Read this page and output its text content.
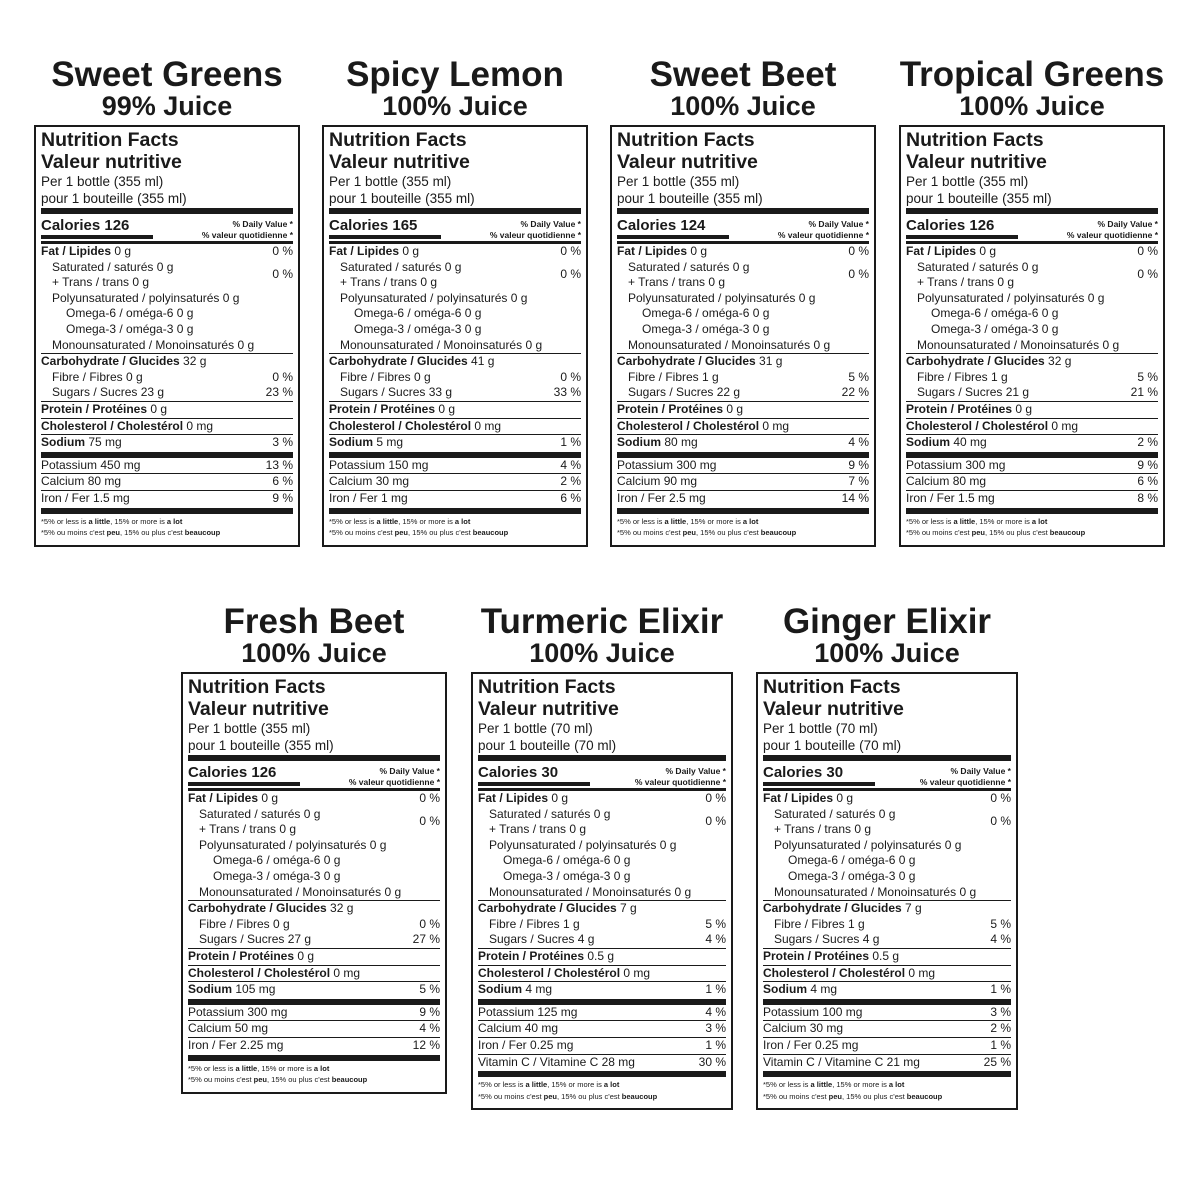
Sweet Greens
99% Juice
Nutrition Facts
Valeur nutritive
Per 1 bottle (355 ml)
pour 1 bouteille (355 ml)
Calories 126	% Daily Value *
% valeur quotidienne *
Fat / Lipides 0 g	0 %
Saturated / saturés 0 g
+ Trans / trans 0 g
0 %
Polyunsaturated / polyinsaturés 0 g
Omega-6 / oméga-6 0 g
Omega-3 / oméga-3 0 g
Monounsaturated / Monoinsaturés 0 g
Carbohydrate / Glucides 32 g
Fibre / Fibres 0 g	0 %
Sugars / Sucres 23 g	23 %
Protein / Protéines 0 g
Cholesterol / Cholestérol 0 mg
Sodium 75 mg	3 %
Potassium 450 mg	13 %
Calcium 80 mg	6 %
Iron / Fer 1.5 mg	9 %
*5% or less is a little, 15% or more is a lot
*5% ou moins c'est peu, 15% ou plus c'est beaucoup
Spicy Lemon
100% Juice
Nutrition Facts
Valeur nutritive
Per 1 bottle (355 ml)
pour 1 bouteille (355 ml)
Calories 165	% Daily Value *
% valeur quotidienne *
Fat / Lipides 0 g	0 %
Saturated / saturés 0 g
+ Trans / trans 0 g
0 %
Polyunsaturated / polyinsaturés 0 g
Omega-6 / oméga-6 0 g
Omega-3 / oméga-3 0 g
Monounsaturated / Monoinsaturés 0 g
Carbohydrate / Glucides 41 g
Fibre / Fibres 0 g	0 %
Sugars / Sucres 33 g	33 %
Protein / Protéines 0 g
Cholesterol / Cholestérol 0 mg
Sodium 5 mg	1 %
Potassium 150 mg	4 %
Calcium 30 mg	2 %
Iron / Fer 1 mg	6 %
*5% or less is a little, 15% or more is a lot
*5% ou moins c'est peu, 15% ou plus c'est beaucoup
Sweet Beet
100% Juice
Nutrition Facts
Valeur nutritive
Per 1 bottle (355 ml)
pour 1 bouteille (355 ml)
Calories 124	% Daily Value *
% valeur quotidienne *
Fat / Lipides 0 g	0 %
Saturated / saturés 0 g
+ Trans / trans 0 g
0 %
Polyunsaturated / polyinsaturés 0 g
Omega-6 / oméga-6 0 g
Omega-3 / oméga-3 0 g
Monounsaturated / Monoinsaturés 0 g
Carbohydrate / Glucides 31 g
Fibre / Fibres 1 g	5 %
Sugars / Sucres 22 g	22 %
Protein / Protéines 0 g
Cholesterol / Cholestérol 0 mg
Sodium 80 mg	4 %
Potassium 300 mg	9 %
Calcium 90 mg	7 %
Iron / Fer 2.5 mg	14 %
*5% or less is a little, 15% or more is a lot
*5% ou moins c'est peu, 15% ou plus c'est beaucoup
Tropical Greens
100% Juice
Nutrition Facts
Valeur nutritive
Per 1 bottle (355 ml)
pour 1 bouteille (355 ml)
Calories 126	% Daily Value *
% valeur quotidienne *
Fat / Lipides 0 g	0 %
Saturated / saturés 0 g
+ Trans / trans 0 g
0 %
Polyunsaturated / polyinsaturés 0 g
Omega-6 / oméga-6 0 g
Omega-3 / oméga-3 0 g
Monounsaturated / Monoinsaturés 0 g
Carbohydrate / Glucides 32 g
Fibre / Fibres 1 g	5 %
Sugars / Sucres 21 g	21 %
Protein / Protéines 0 g
Cholesterol / Cholestérol 0 mg
Sodium 40 mg	2 %
Potassium 300 mg	9 %
Calcium 80 mg	6 %
Iron / Fer 1.5 mg	8 %
*5% or less is a little, 15% or more is a lot
*5% ou moins c'est peu, 15% ou plus c'est beaucoup
Fresh Beet
100% Juice
Nutrition Facts
Valeur nutritive
Per 1 bottle (355 ml)
pour 1 bouteille (355 ml)
Calories 126	% Daily Value *
% valeur quotidienne *
Fat / Lipides 0 g	0 %
Saturated / saturés 0 g
+ Trans / trans 0 g
0 %
Polyunsaturated / polyinsaturés 0 g
Omega-6 / oméga-6 0 g
Omega-3 / oméga-3 0 g
Monounsaturated / Monoinsaturés 0 g
Carbohydrate / Glucides 32 g
Fibre / Fibres 0 g	0 %
Sugars / Sucres 27 g	27 %
Protein / Protéines 0 g
Cholesterol / Cholestérol 0 mg
Sodium 105 mg	5 %
Potassium 300 mg	9 %
Calcium 50 mg	4 %
Iron / Fer 2.25 mg	12 %
*5% or less is a little, 15% or more is a lot
*5% ou moins c'est peu, 15% ou plus c'est beaucoup
Turmeric Elixir
100% Juice
Nutrition Facts
Valeur nutritive
Per 1 bottle (70 ml)
pour 1 bouteille (70 ml)
Calories 30	% Daily Value *
% valeur quotidienne *
Fat / Lipides 0 g	0 %
Saturated / saturés 0 g
+ Trans / trans 0 g
0 %
Polyunsaturated / polyinsaturés 0 g
Omega-6 / oméga-6 0 g
Omega-3 / oméga-3 0 g
Monounsaturated / Monoinsaturés 0 g
Carbohydrate / Glucides 7 g
Fibre / Fibres 1 g	5 %
Sugars / Sucres 4 g	4 %
Protein / Protéines 0.5 g
Cholesterol / Cholestérol 0 mg
Sodium 4 mg	1 %
Potassium 125 mg	4 %
Calcium 40 mg	3 %
Iron / Fer 0.25 mg	1 %
Vitamin C / Vitamine C 28 mg	30 %
*5% or less is a little, 15% or more is a lot
*5% ou moins c'est peu, 15% ou plus c'est beaucoup
Ginger Elixir
100% Juice
Nutrition Facts
Valeur nutritive
Per 1 bottle (70 ml)
pour 1 bouteille (70 ml)
Calories 30	% Daily Value *
% valeur quotidienne *
Fat / Lipides 0 g	0 %
Saturated / saturés 0 g
+ Trans / trans 0 g
0 %
Polyunsaturated / polyinsaturés 0 g
Omega-6 / oméga-6 0 g
Omega-3 / oméga-3 0 g
Monounsaturated / Monoinsaturés 0 g
Carbohydrate / Glucides 7 g
Fibre / Fibres 1 g	5 %
Sugars / Sucres 4 g	4 %
Protein / Protéines 0.5 g
Cholesterol / Cholestérol 0 mg
Sodium 4 mg	1 %
Potassium 100 mg	3 %
Calcium 30 mg	2 %
Iron / Fer 0.25 mg	1 %
Vitamin C / Vitamine C 21 mg	25 %
*5% or less is a little, 15% or more is a lot
*5% ou moins c'est peu, 15% ou plus c'est beaucoup
